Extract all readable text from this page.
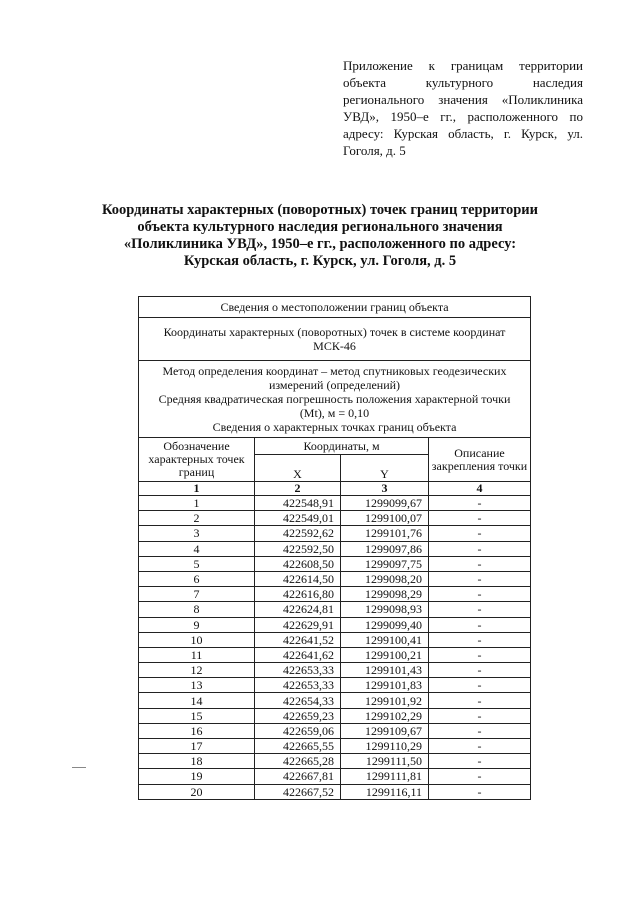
Приложение к границам территории объекта культурного наследия регионального значения «Поликлиника УВД», 1950–е гг., расположенного по адресу: Курская область, г. Курск, ул. Гоголя, д. 5
Координаты характерных (поворотных) точек границ территории
объекта культурного наследия регионального значения
«Поликлиника УВД», 1950–е гг., расположенного по адресу:
Курская область, г. Курск, ул. Гоголя, д. 5
Сведения о местоположении границ объекта			
Координаты характерных (поворотных) точек в системе координат МСК-46			

Метод определения координат – метод спутниковых геодезических измерений (определений)
Средняя квадратическая погрешность положения характерной точки (Mt), м = 0,10
Сведения о характерных точках границ объекта			

Обозначение характерных точек границ	Координаты, м		Описание закрепления точки
	X	Y	
1	2	3	4
1	422548,91	1299099,67	-
2	422549,01	1299100,07	-
3	422592,62	1299101,76	-
4	422592,50	1299097,86	-
5	422608,50	1299097,75	-
6	422614,50	1299098,20	-
7	422616,80	1299098,29	-
8	422624,81	1299098,93	-
9	422629,91	1299099,40	-
10	422641,52	1299100,41	-
11	422641,62	1299100,21	-
12	422653,33	1299101,43	-
13	422653,33	1299101,83	-
14	422654,33	1299101,92	-
15	422659,23	1299102,29	-
16	422659,06	1299109,67	-
17	422665,55	1299110,29	-
18	422665,28	1299111,50	-
19	422667,81	1299111,81	-
20	422667,52	1299116,11	-
